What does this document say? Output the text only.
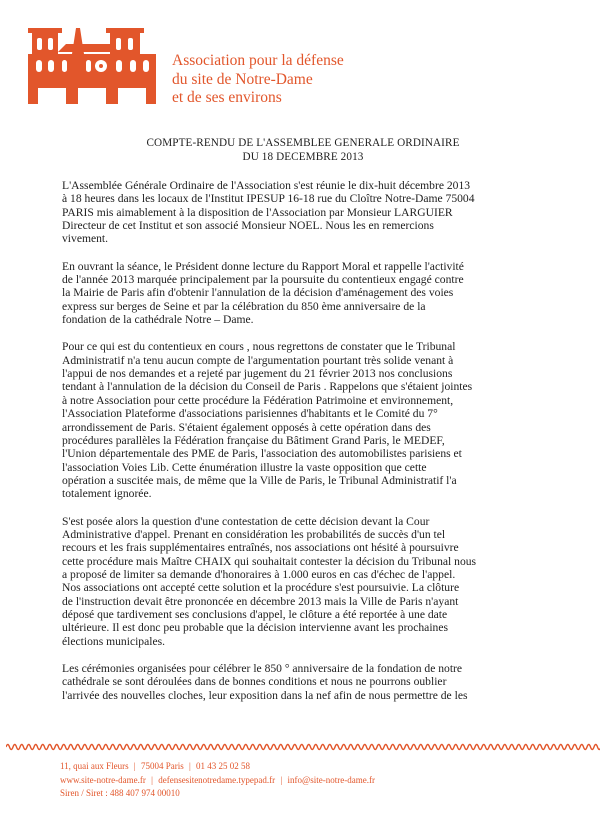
Association pour la défense
du site de Notre-Dame
et de ses environs
COMPTE-RENDU DE L'ASSEMBLEE GENERALE ORDINAIRE
DU 18 DECEMBRE 2013

L'Assemblée Générale Ordinaire de l'Association s'est réunie le dix-huit décembre 2013
à 18 heures dans les locaux de l'Institut IPESUP 16-18 rue du Cloître Notre-Dame 75004
PARIS mis aimablement à la disposition de l'Association par Monsieur LARGUIER
Directeur de cet Institut et son associé Monsieur NOEL. Nous les en remercions
vivement.

En ouvrant la séance, le Président donne lecture du Rapport Moral et rappelle l'activité
de l'année 2013 marquée principalement par la poursuite du contentieux engagé contre
la Mairie de Paris afin d'obtenir l'annulation de la décision d'aménagement des voies
express sur berges de Seine et par la célébration du 850 ème anniversaire de la
fondation de la cathédrale Notre – Dame.

Pour ce qui est du contentieux en cours , nous regrettons de constater que le Tribunal
Administratif n'a tenu aucun compte de l'argumentation pourtant très solide venant à
l'appui de nos demandes et a rejeté par jugement du 21 février 2013 nos conclusions
tendant à l'annulation de la décision du Conseil de Paris . Rappelons que s'étaient jointes
à notre Association pour cette procédure la Fédération Patrimoine et environnement,
l'Association Plateforme d'associations parisiennes d'habitants et le Comité du 7°
arrondissement de Paris. S'étaient également opposés à cette opération dans des
procédures parallèles la Fédération française du Bâtiment Grand Paris, le MEDEF,
l'Union départementale des PME de Paris, l'association des automobilistes parisiens et
l'association Voies Lib. Cette énumération illustre la vaste opposition que cette
opération a suscitée mais, de même que la Ville de Paris, le Tribunal Administratif l'a
totalement ignorée.

S'est posée alors la question d'une contestation de cette décision devant la Cour
Administrative d'appel. Prenant en considération les probabilités de succès d'un tel
recours et les frais supplémentaires entraînés, nos associations ont hésité à poursuivre
cette procédure mais Maître CHAIX qui souhaitait contester la décision du Tribunal nous
a proposé de limiter sa demande d'honoraires à 1.000 euros en cas d'échec de l'appel.
Nos associations ont accepté cette solution et la procédure s'est poursuivie. La clôture
de l'instruction devait être prononcée en décembre 2013 mais la Ville de Paris n'ayant
déposé que tardivement ses conclusions d'appel, le clôture a été reportée à une date
ultérieure. Il est donc peu probable que la décision intervienne avant les prochaines
élections municipales.

Les cérémonies organisées pour célébrer le 850 ° anniversaire de la fondation de notre
cathédrale se sont déroulées dans de bonnes conditions et nous ne pourrons oublier
l'arrivée des nouvelles cloches, leur exposition dans la nef afin de nous permettre de les

11, quai aux Fleurs | 75004 Paris | 01 43 25 02 58
www.site-notre-dame.fr | defensesitenotredame.typepad.fr | info@site-notre-dame.fr
Siren / Siret : 488 407 974 00010
